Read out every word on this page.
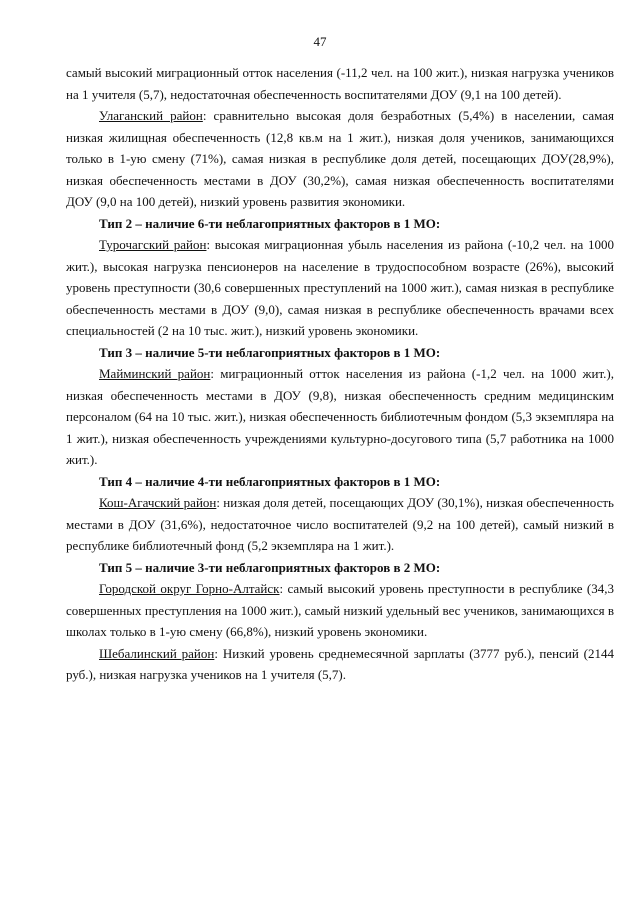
47

самый высокий миграционный отток населения (-11,2 чел. на 100 жит.), низкая нагрузка учеников на 1 учителя (5,7), недостаточная обеспеченность воспитателями ДОУ (9,1 на 100 детей).

Улаганский район: сравнительно высокая доля безработных (5,4%) в населении, самая низкая жилищная обеспеченность (12,8 кв.м на 1 жит.), низкая доля учеников, занимающихся только в 1-ую смену (71%), самая низкая в республике доля детей, посещающих ДОУ(28,9%), низкая обеспеченность местами в ДОУ (30,2%), самая низкая обеспеченность воспитателями ДОУ (9,0 на 100 детей), низкий уровень развития экономики.

Тип 2 – наличие 6-ти неблагоприятных факторов в 1 МО:

Турочагский район: высокая миграционная убыль населения из района (-10,2 чел. на 1000 жит.), высокая нагрузка пенсионеров на население в трудоспособном возрасте (26%), высокий уровень преступности (30,6 совершенных преступлений на 1000 жит.), самая низкая в республике обеспеченность местами в ДОУ (9,0), самая низкая в республике обеспеченность врачами всех специальностей (2 на 10 тыс. жит.), низкий уровень экономики.

Тип 3 – наличие 5-ти неблагоприятных факторов в 1 МО:

Майминский район: миграционный отток населения из района (-1,2 чел. на 1000 жит.), низкая обеспеченность местами в ДОУ (9,8), низкая обеспеченность средним медицинским персоналом (64 на 10 тыс. жит.), низкая обеспеченность библиотечным фондом (5,3 экземпляра на 1 жит.), низкая обеспеченность учреждениями культурно-досугового типа (5,7 работника на 1000 жит.).

Тип 4 – наличие 4-ти неблагоприятных факторов в 1 МО:

Кош-Агачский район: низкая доля детей, посещающих ДОУ (30,1%), низкая обеспеченность местами в ДОУ (31,6%), недостаточное число воспитателей (9,2 на 100 детей), самый низкий в республике библиотечный фонд (5,2 экземпляра на 1 жит.).

Тип 5 – наличие 3-ти неблагоприятных факторов в 2 МО:

Городской округ Горно-Алтайск: самый высокий уровень преступности в республике (34,3 совершенных преступления на 1000 жит.), самый низкий удельный вес учеников, занимающихся в школах только в 1-ую смену (66,8%), низкий уровень экономики.

Шебалинский район: Низкий уровень среднемесячной зарплаты (3777 руб.), пенсий (2144 руб.), низкая нагрузка учеников на 1 учителя (5,7).
